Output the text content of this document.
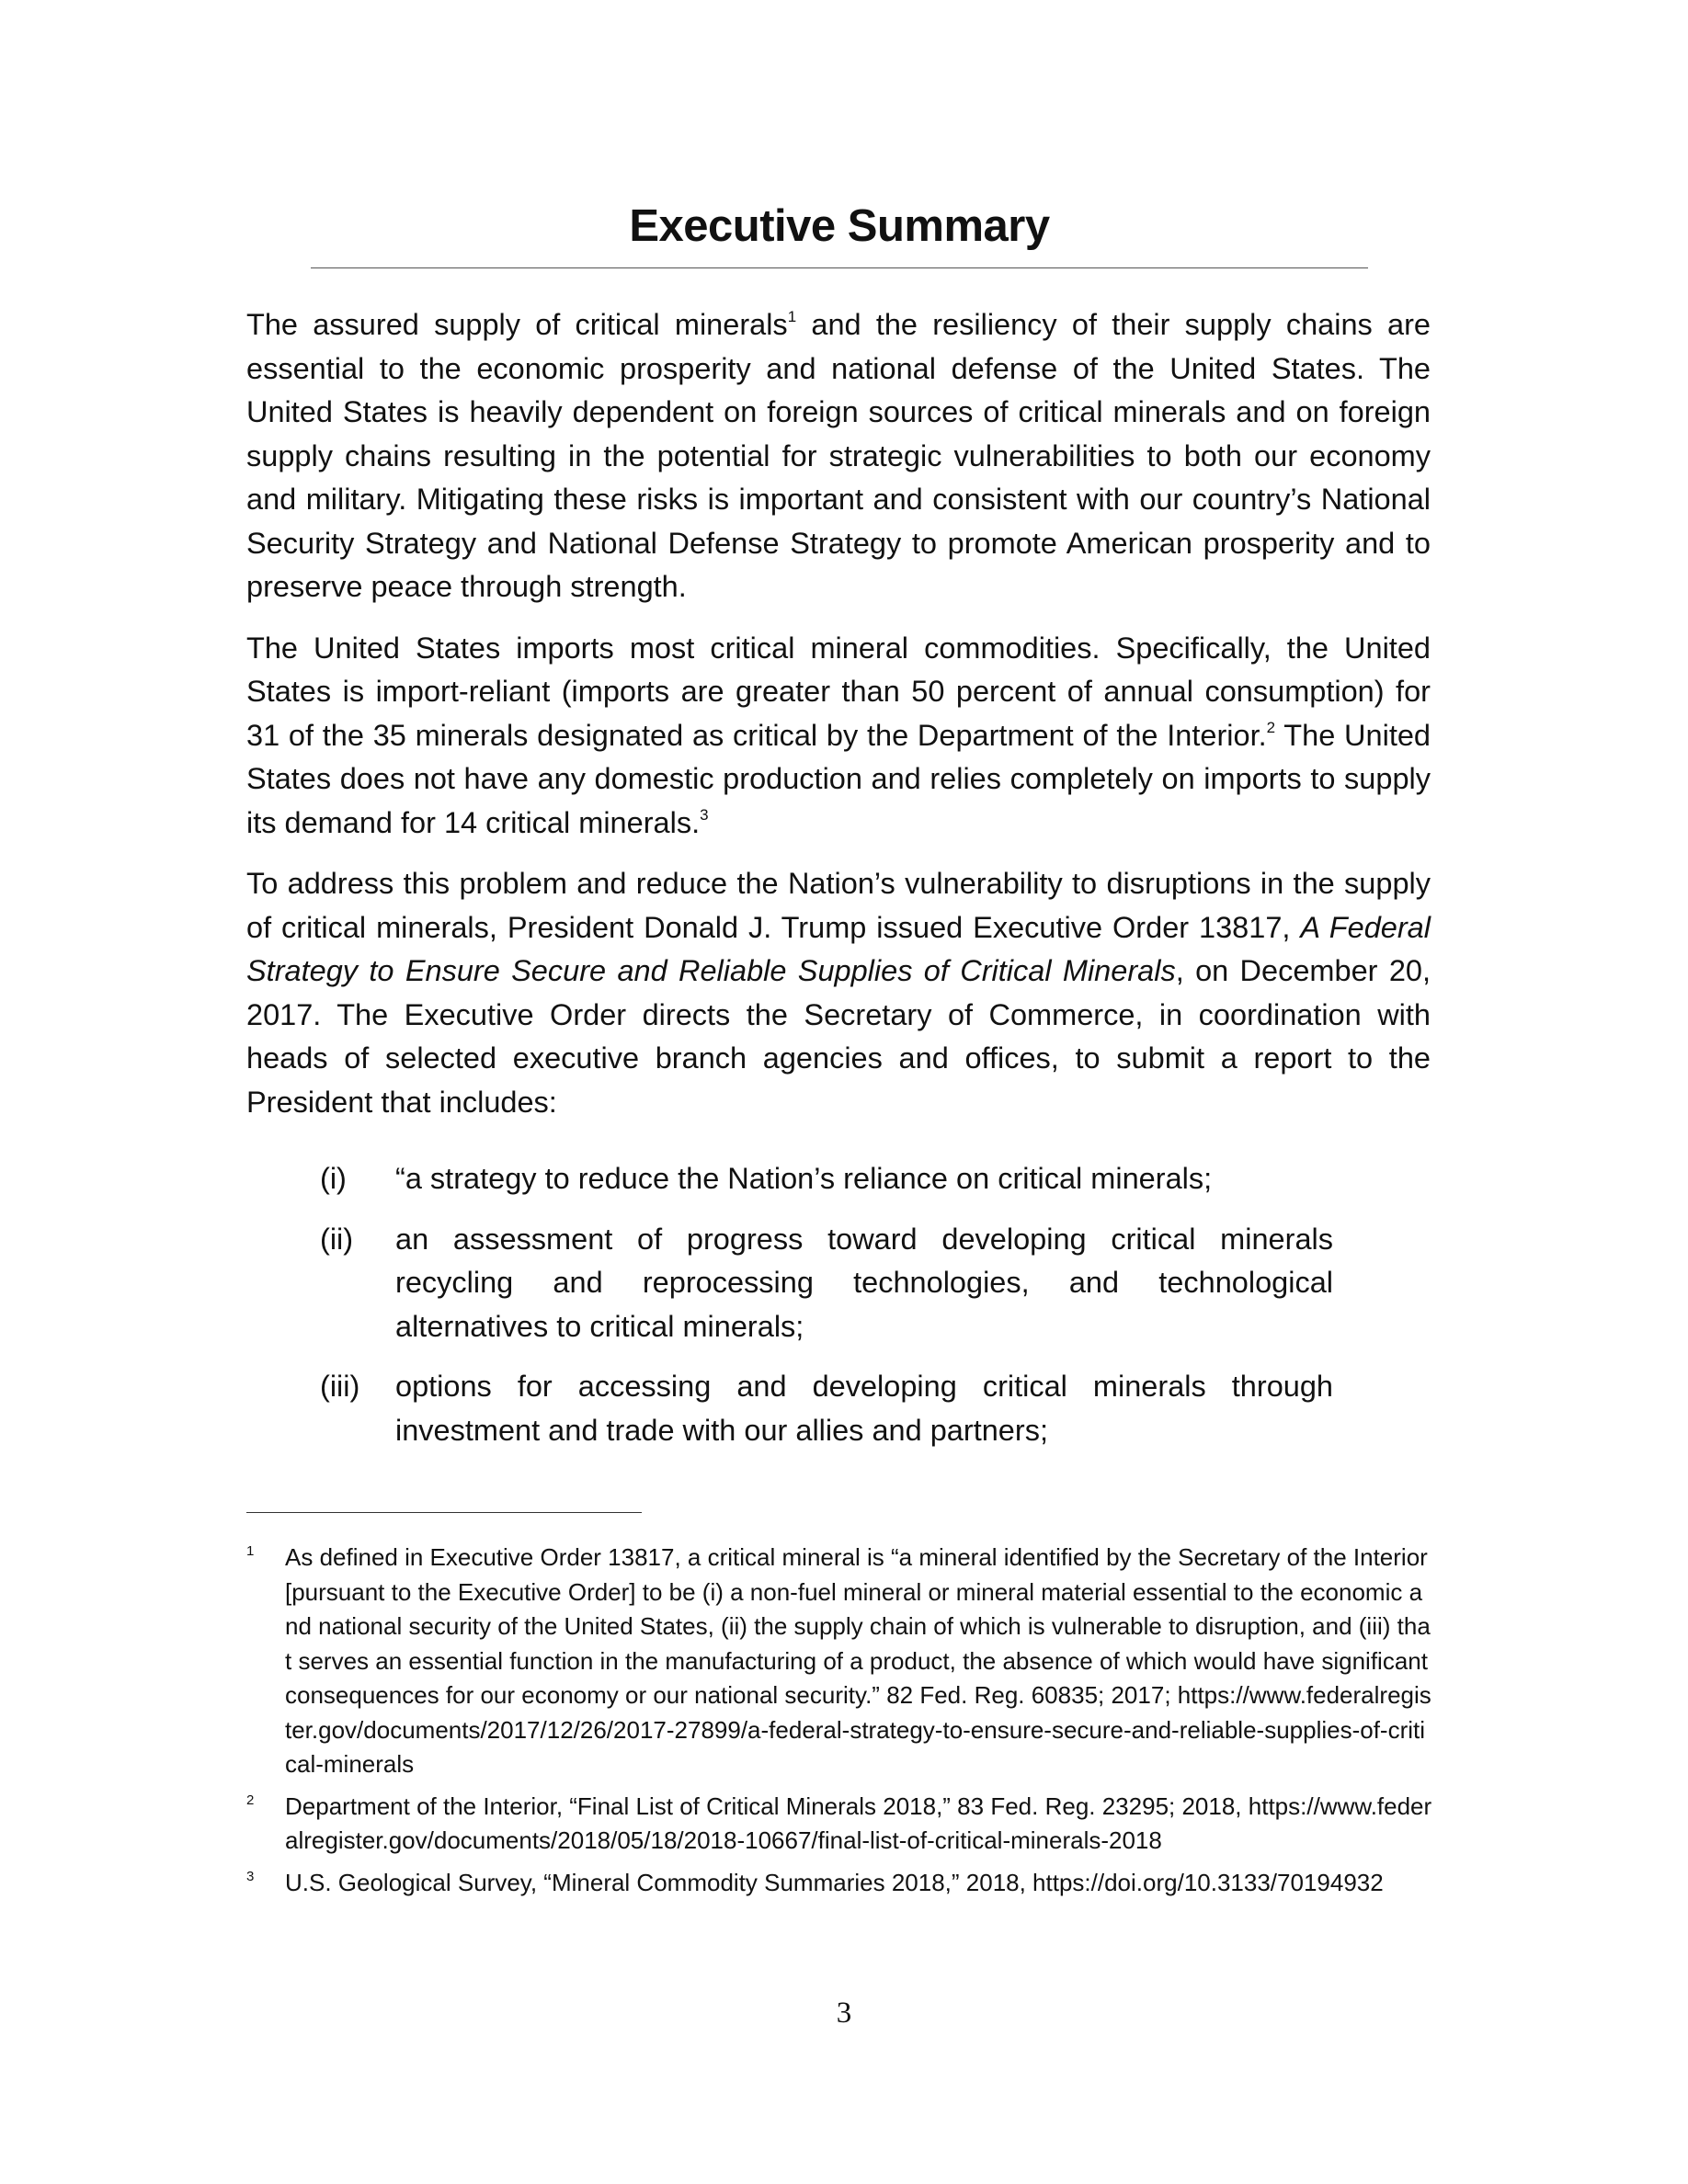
Executive Summary

The assured supply of critical minerals$^1$ and the resiliency of their supply chains are essential to the economic prosperity and national defense of the United States. The United States is heavily dependent on foreign sources of critical minerals and on foreign supply chains resulting in the potential for strategic vulnerabilities to both our economy and military. Mitigating these risks is important and consistent with our country’s National Security Strategy and National Defense Strategy to promote American prosperity and to preserve peace through strength.

The United States imports most critical mineral commodities. Specifically, the United States is import-reliant (imports are greater than 50 percent of annual consumption) for 31 of the 35 minerals designated as critical by the Department of the Interior.$^2$ The United States does not have any domestic production and relies completely on imports to supply its demand for 14 critical minerals.$^3$

To address this problem and reduce the Nation’s vulnerability to disruptions in the supply of critical minerals, President Donald J. Trump issued Executive Order 13817, A Federal Strategy to Ensure Secure and Reliable Supplies of Critical Minerals, on December 20, 2017. The Executive Order directs the Secretary of Commerce, in coordination with heads of selected executive branch agencies and offices, to submit a report to the President that includes:

(i)	“a strategy to reduce the Nation’s reliance on critical minerals;
(ii)	an assessment of progress toward developing critical minerals recycling and reprocessing technologies, and technological alternatives to critical minerals;
(iii)	options for accessing and developing critical minerals through investment and trade with our allies and partners;
1 As defined in Executive Order 13817, a critical mineral is “a mineral identified by the Secretary of the Interior [pursuant to the Executive Order] to be (i) a non-fuel mineral or mineral material essential to the economic and national security of the United States, (ii) the supply chain of which is vulnerable to disruption, and (iii) that serves an essential function in the manufacturing of a product, the absence of which would have significant consequences for our economy or our national security.” 82 Fed. Reg. 60835; 2017; https://www.federalregister.gov/documents/2017/12/26/2017-27899/a-federal-strategy-to-ensure-secure-and-reliable-supplies-of-critical-minerals
2 Department of the Interior, “Final List of Critical Minerals 2018,” 83 Fed. Reg. 23295; 2018, https://www.federalregister.gov/documents/2018/05/18/2018-10667/final-list-of-critical-minerals-2018
3 U.S. Geological Survey, “Mineral Commodity Summaries 2018,” 2018, https://doi.org/10.3133/70194932
3
